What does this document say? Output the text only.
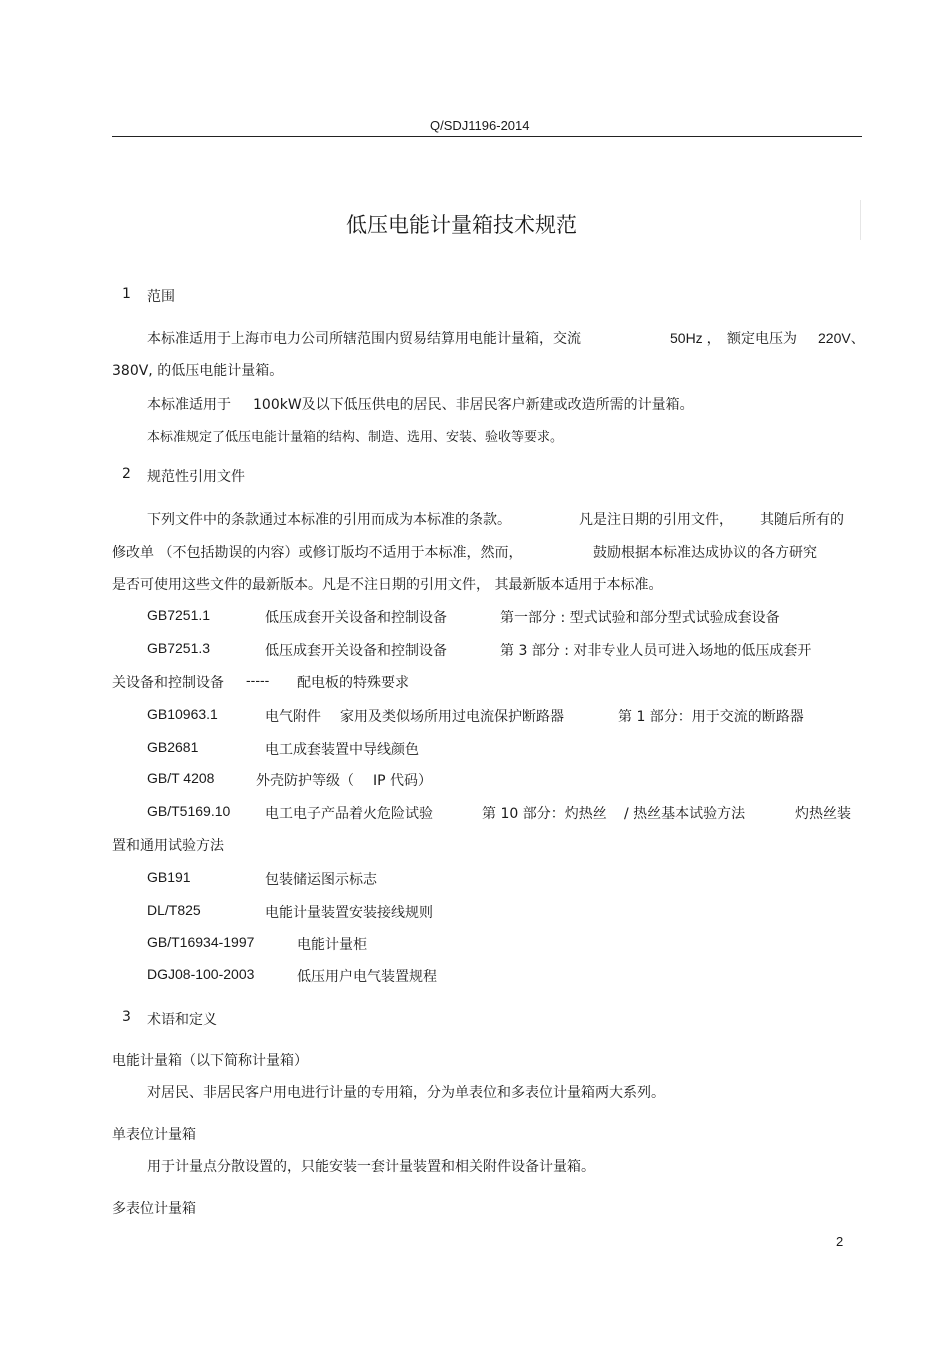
Q/SDJ1196-2014
低压电能计量箱技术规范
1 范围
本标准适用于上海市电力公司所辖范围内贸易结算用电能计量箱，交流	50Hz ， 额定电压为 220V、
380V, 的低压电能计量箱。
本标准适用于 100kW及以下低压供电的居民、非居民客户新建或改造所需的计量箱。
本标准规定了低压电能计量箱的结构、制造、选用、安装、验收等要求。
2 规范性引用文件
下列文件中的条款通过本标准的引用而成为本标准的条款。	凡是注日期的引用文件， 其随后所有的
修改单 （不包括勘误的内容）或修订版均不适用于本标准，然而，	鼓励根据本标准达成协议的各方研究
是否可使用这些文件的最新版本。凡是不注日期的引用文件， 其最新版本适用于本标准。
GB7251.1	低压成套开关设备和控制设备	第一部分 : 型式试验和部分型式试验成套设备
GB7251.3	低压成套开关设备和控制设备	第 3 部分 : 对非专业人员可进入场地的低压成套开
关设备和控制设备 ----- 配电板的特殊要求
GB10963.1	电气附件 家用及类似场所用过电流保护断路器	第 1 部分：用于交流的断路器
GB2681	电工成套装置中导线颜色
GB/T 4208	外壳防护等级（ IP 代码）
GB/T5169.10 电工电子产品着火危险试验	第 10 部分：灼热丝 / 热丝基本试验方法	灼热丝装
置和通用试验方法
GB191	包装储运图示标志
DL/T825	电能计量装置安装接线规则
GB/T16934-1997	电能计量柜
DGJ08-100-2003	低压用户电气装置规程
3 术语和定义
电能计量箱（以下简称计量箱）
对居民、非居民客户用电进行计量的专用箱，分为单表位和多表位计量箱两大系列。
单表位计量箱
用于计量点分散设置的，只能安装一套计量装置和相关附件设备计量箱。
多表位计量箱
2
